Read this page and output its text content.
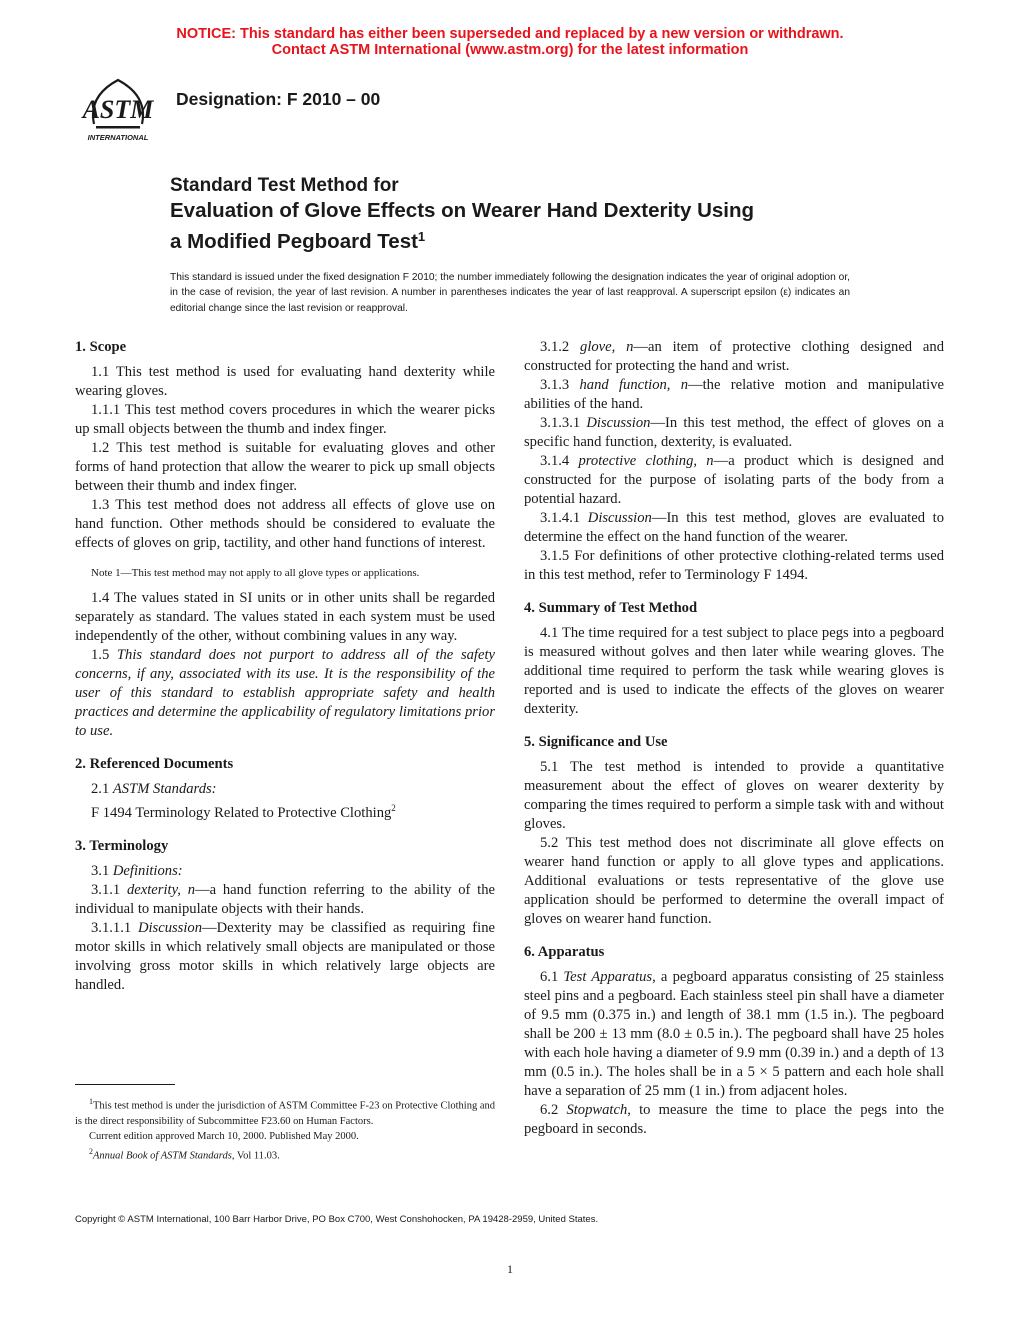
NOTICE: This standard has either been superseded and replaced by a new version or withdrawn.
Contact ASTM International (www.astm.org) for the latest information
ASTM
INTERNATIONAL
Designation: F 2010 – 00
Standard Test Method for
Evaluation of Glove Effects on Wearer Hand Dexterity Using
a Modified Pegboard Test$^1$
This standard is issued under the fixed designation F 2010; the number immediately following the designation indicates the year of original adoption or, in the case of revision, the year of last revision. A number in parentheses indicates the year of last reapproval. A superscript epsilon (ε) indicates an editorial change since the last revision or reapproval.
1. Scope

1.1 This test method is used for evaluating hand dexterity while wearing gloves.

1.1.1 This test method covers procedures in which the wearer picks up small objects between the thumb and index finger.

1.2 This test method is suitable for evaluating gloves and other forms of hand protection that allow the wearer to pick up small objects between their thumb and index finger.

1.3 This test method does not address all effects of glove use on hand function. Other methods should be considered to evaluate the effects of gloves on grip, tactility, and other hand functions of interest.

Note 1—This test method may not apply to all glove types or applications.

1.4 The values stated in SI units or in other units shall be regarded separately as standard. The values stated in each system must be used independently of the other, without combining values in any way.

1.5 This standard does not purport to address all of the safety concerns, if any, associated with its use. It is the responsibility of the user of this standard to establish appropriate safety and health practices and determine the applicability of regulatory limitations prior to use.

2. Referenced Documents

2.1 ASTM Standards:

F 1494 Terminology Related to Protective Clothing$^2$

3. Terminology

3.1 Definitions:

3.1.1 dexterity, n—a hand function referring to the ability of the individual to manipulate objects with their hands.

3.1.1.1 Discussion—Dexterity may be classified as requiring fine motor skills in which relatively small objects are manipulated or those involving gross motor skills in which relatively large objects are handled.

$^1$This test method is under the jurisdiction of ASTM Committee F-23 on Protective Clothing and is the direct responsibility of Subcommittee F23.60 on Human Factors.

Current edition approved March 10, 2000. Published May 2000.

$^2$Annual Book of ASTM Standards, Vol 11.03.

3.1.2 glove, n—an item of protective clothing designed and constructed for protecting the hand and wrist.

3.1.3 hand function, n—the relative motion and manipulative abilities of the hand.

3.1.3.1 Discussion—In this test method, the effect of gloves on a specific hand function, dexterity, is evaluated.

3.1.4 protective clothing, n—a product which is designed and constructed for the purpose of isolating parts of the body from a potential hazard.

3.1.4.1 Discussion—In this test method, gloves are evaluated to determine the effect on the hand function of the wearer.

3.1.5 For definitions of other protective clothing-related terms used in this test method, refer to Terminology F 1494.

4. Summary of Test Method

4.1 The time required for a test subject to place pegs into a pegboard is measured without golves and then later while wearing gloves. The additional time required to perform the task while wearing gloves is reported and is used to indicate the effects of the gloves on wearer dexterity.

5. Significance and Use

5.1 The test method is intended to provide a quantitative measurement about the effect of gloves on wearer dexterity by comparing the times required to perform a simple task with and without gloves.

5.2 This test method does not discriminate all glove effects on wearer hand function or apply to all glove types and applications. Additional evaluations or tests representative of the glove use application should be performed to determine the overall impact of gloves on wearer hand function.

6. Apparatus

6.1 Test Apparatus, a pegboard apparatus consisting of 25 stainless steel pins and a pegboard. Each stainless steel pin shall have a diameter of 9.5 mm (0.375 in.) and length of 38.1 mm (1.5 in.). The pegboard shall be 200 ± 13 mm (8.0 ± 0.5 in.). The pegboard shall have 25 holes with each hole having a diameter of 9.9 mm (0.39 in.) and a depth of 13 mm (0.5 in.). The holes shall be in a 5 × 5 pattern and each hole shall have a separation of 25 mm (1 in.) from adjacent holes.

6.2 Stopwatch, to measure the time to place the pegs into the pegboard in seconds.

Copyright © ASTM International, 100 Barr Harbor Drive, PO Box C700, West Conshohocken, PA 19428-2959, United States.
1
